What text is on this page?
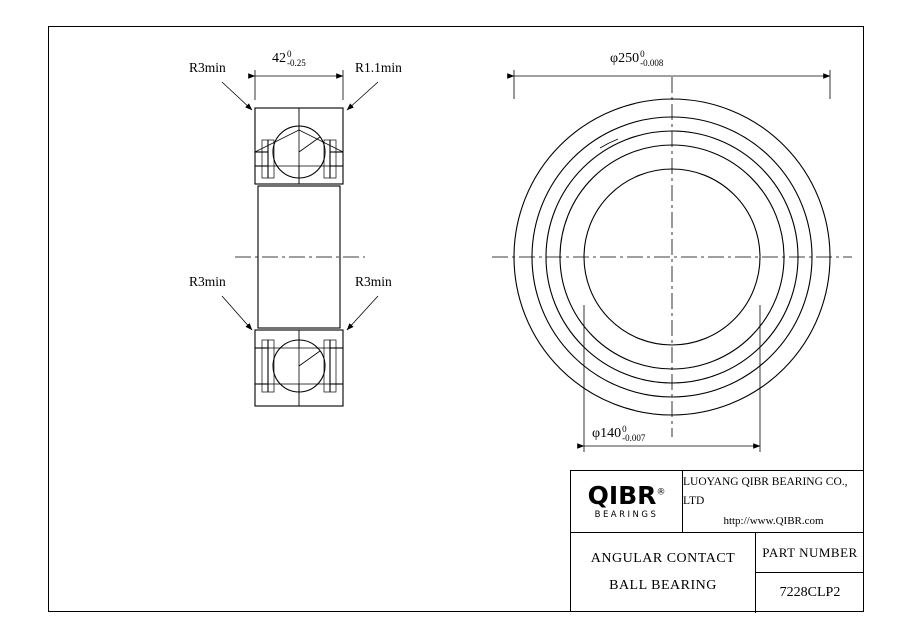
R3min	R1.1min
R3min	R3min
42 0
-0.25	φ250 0
-0.008
φ140 0
-0.007
QIBR®
BEARINGS
LUOYANG QIBR BEARING CO., LTD
http://www.QIBR.com
ANGULAR CONTACT
BALL BEARING
PART NUMBER
7228CLP2
